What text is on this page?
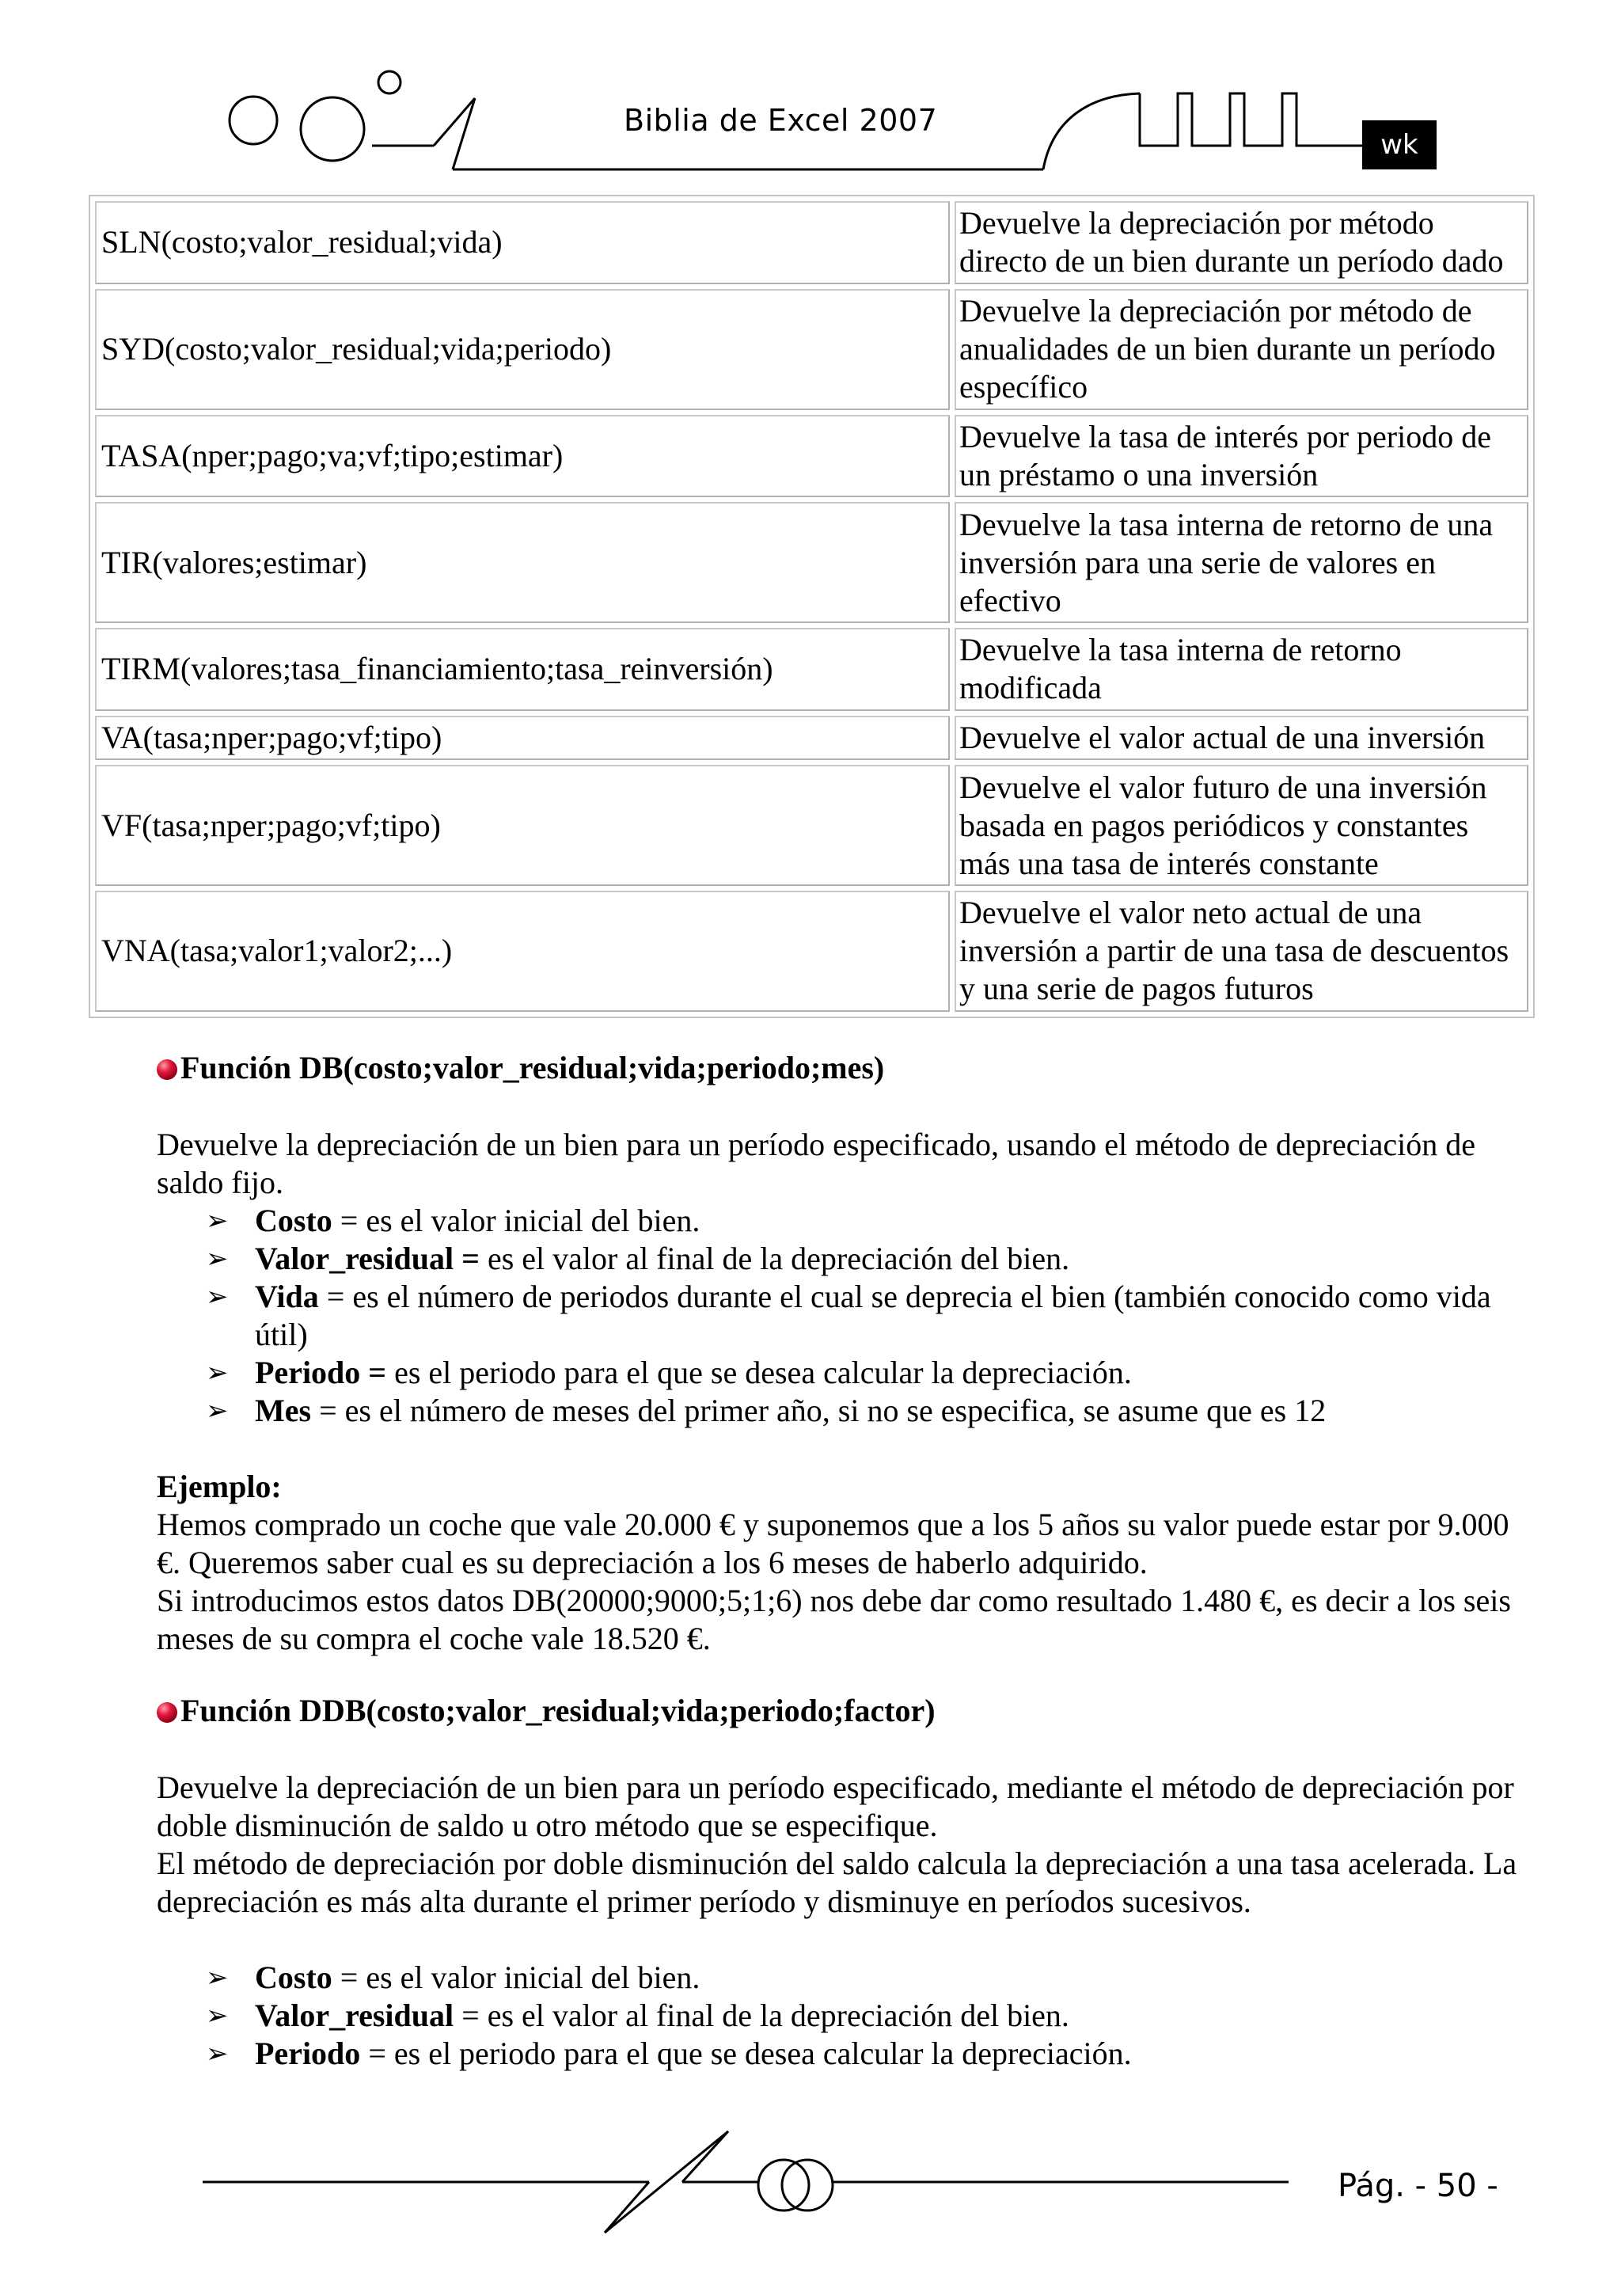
Biblia de Excel 2007
wk
SLN(costo;valor_residual;vida)	Devuelve la depreciación por método directo de un bien durante un período dado
SYD(costo;valor_residual;vida;periodo)	Devuelve la depreciación por método de anualidades de un bien durante un período específico
TASA(nper;pago;va;vf;tipo;estimar)	Devuelve la tasa de interés por periodo de un préstamo o una inversión
TIR(valores;estimar)	Devuelve la tasa interna de retorno de una inversión para una serie de valores en efectivo
TIRM(valores;tasa_financiamiento;tasa_reinversión)	Devuelve la tasa interna de retorno modificada
VA(tasa;nper;pago;vf;tipo)	Devuelve el valor actual de una inversión
VF(tasa;nper;pago;vf;tipo)	Devuelve el valor futuro de una inversión basada en pagos periódicos y constantes más una tasa de interés constante
VNA(tasa;valor1;valor2;...)	Devuelve el valor neto actual de una inversión a partir de una tasa de descuentos y una serie de pagos futuros
Función DB(costo;valor_residual;vida;periodo;mes)
Devuelve la depreciación de un bien para un período especificado, usando el método de depreciación de saldo fijo.
➢ Costo = es el valor inicial del bien.
➢ Valor_residual = es el valor al final de la depreciación del bien.
➢ Vida = es el número de periodos durante el cual se deprecia el bien (también conocido como vida útil)
➢ Periodo = es el periodo para el que se desea calcular la depreciación.
➢ Mes = es el número de meses del primer año, si no se especifica, se asume que es 12

Ejemplo:

Hemos comprado un coche que vale 20.000 € y suponemos que a los 5 años su valor puede estar por 9.000 €. Queremos saber cual es su depreciación a los 6 meses de haberlo adquirido.

Si introducimos estos datos DB(20000;9000;5;1;6) nos debe dar como resultado 1.480 €, es decir a los seis meses de su compra el coche vale 18.520 €.

Función DDB(costo;valor_residual;vida;periodo;factor)

Devuelve la depreciación de un bien para un período especificado, mediante el método de depreciación por doble disminución de saldo u otro método que se especifique.

El método de depreciación por doble disminución del saldo calcula la depreciación a una tasa acelerada. La depreciación es más alta durante el primer período y disminuye en períodos sucesivos.

➢ Costo = es el valor inicial del bien.
➢ Valor_residual = es el valor al final de la depreciación del bien.
➢ Periodo = es el periodo para el que se desea calcular la depreciación.
Pág. - 50 -
